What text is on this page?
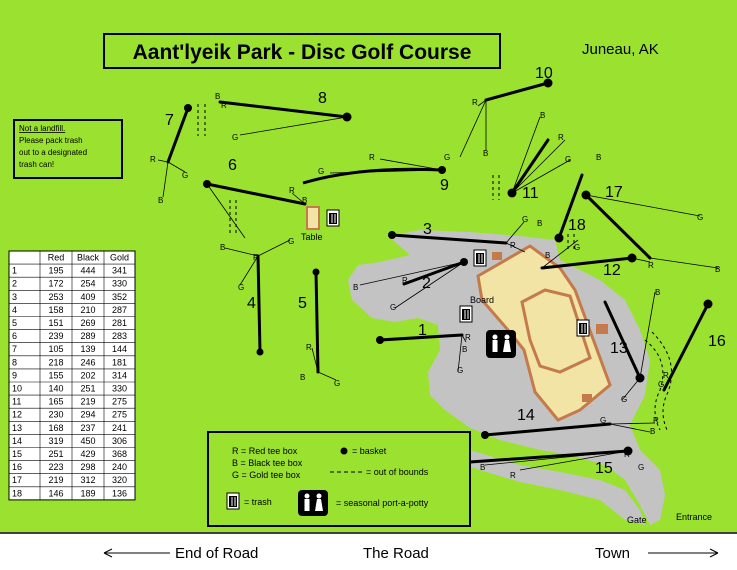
1
2
3
4	5
6
7
8
9
10
11
12
13
14
15
16
17
18
R
B
G
B
R
G
R
B
R
G
G
R
B
B
R
G	B
B
R
G
G
R
B
G
B
G
R
R
G B
R
G
B
B
G
R
G
B
B
R
G
G
G
B
R
B
R
G
R
Aant'lyeik Park - Disc Golf Course	Juneau, AK
Not a landfill.
Please pack trash
out to a designated
trash can!
Table
Board
Gate	Entrance
R = Red tee box
B = Black tee box
G = Gold tee box
= basket
= out of bounds
= trash	= seasonal port-a-potty
End of Road	The Road	Town
Red Black Gold
1	195 444 341
2	172 254 330
3	253 409 352
4	158 210 287
5	151 269 281
6	239 289 283
7	105 139 144
8	218 246 181
9	155 202 314
10	140 251 330
11	165 219 275
12	230 294 275
13	168 237 241
14	319 450 306
15	251 429 368
16	223 298 240
17	219 312 320
18	146 189 136
